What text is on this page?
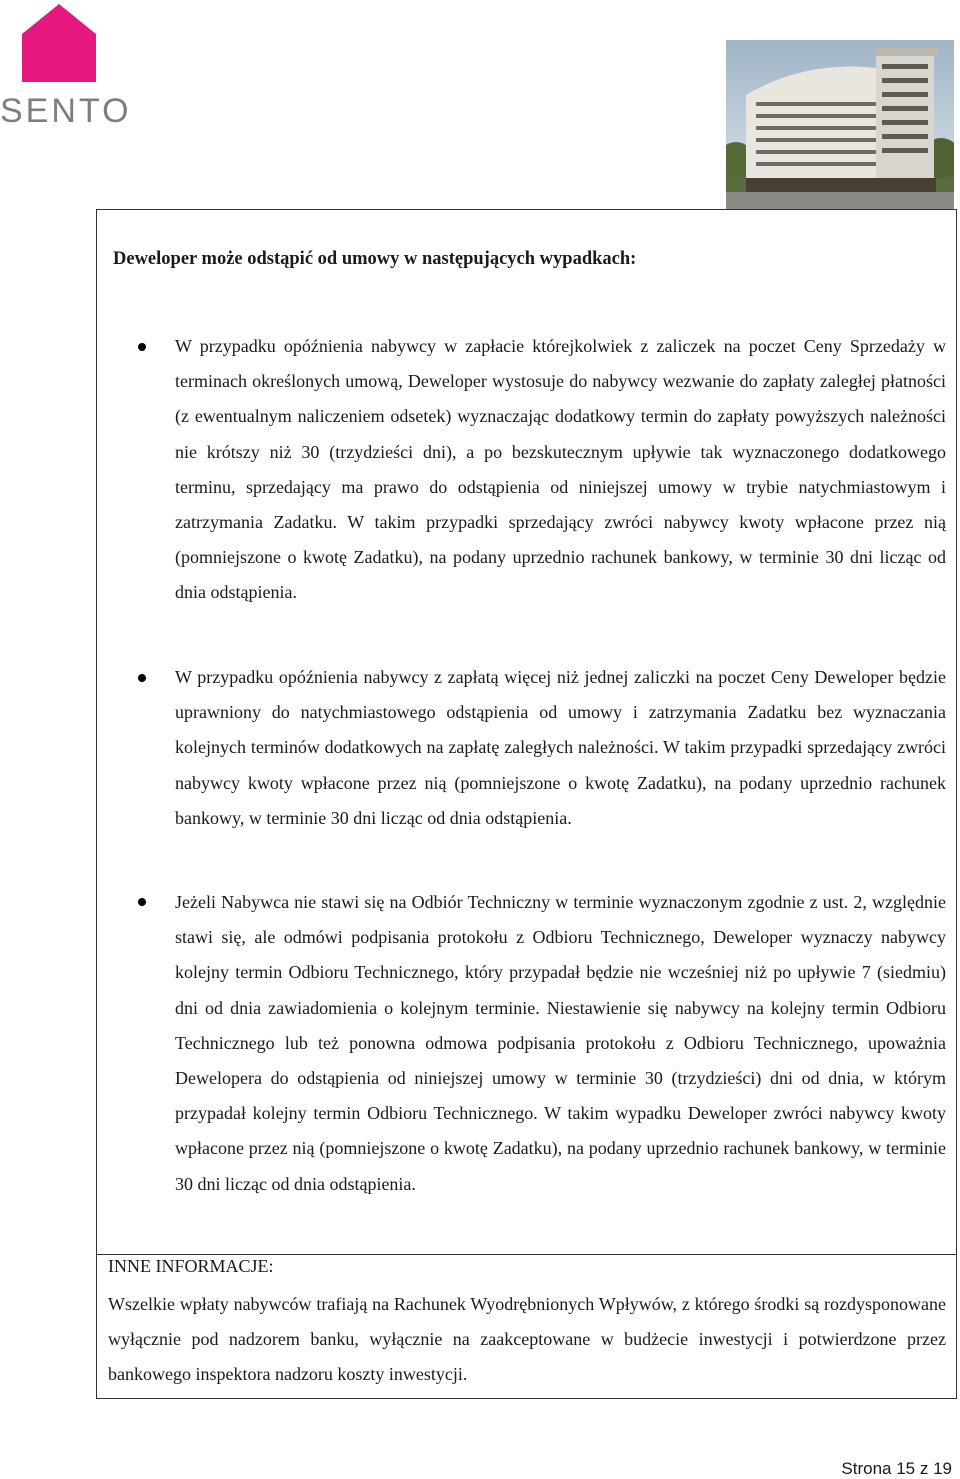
SENTO
Deweloper może odstąpić od umowy w następujących wypadkach:
W przypadku opóźnienia nabywcy w zapłacie którejkolwiek z zaliczek na poczet Ceny Sprzedaży w terminach określonych umową, Deweloper wystosuje do nabywcy wezwanie do zapłaty zaległej płatności (z ewentualnym naliczeniem odsetek) wyznaczając dodatkowy termin do zapłaty powyższych należności nie krótszy niż 30 (trzydzieści dni), a po bezskutecznym upływie tak wyznaczonego dodatkowego terminu, sprzedający ma prawo do odstąpienia od niniejszej umowy w trybie natychmiastowym i zatrzymania Zadatku. W takim przypadki sprzedający zwróci nabywcy kwoty wpłacone przez nią (pomniejszone o kwotę Zadatku), na podany uprzednio rachunek bankowy, w terminie 30 dni licząc od dnia odstąpienia.
W przypadku opóźnienia nabywcy z zapłatą więcej niż jednej zaliczki na poczet Ceny Deweloper będzie uprawniony do natychmiastowego odstąpienia od umowy i zatrzymania Zadatku bez wyznaczania kolejnych terminów dodatkowych na zapłatę zaległych należności. W takim przypadki sprzedający zwróci nabywcy kwoty wpłacone przez nią (pomniejszone o kwotę Zadatku), na podany uprzednio rachunek bankowy, w terminie 30 dni licząc od dnia odstąpienia.
Jeżeli Nabywca nie stawi się na Odbiór Techniczny w terminie wyznaczonym zgodnie z ust. 2, względnie stawi się, ale odmówi podpisania protokołu z Odbioru Technicznego, Deweloper wyznaczy nabywcy kolejny termin Odbioru Technicznego, który przypadał będzie nie wcześniej niż po upływie 7 (siedmiu) dni od dnia zawiadomienia o kolejnym terminie. Niestawienie się nabywcy na kolejny termin Odbioru Technicznego lub też ponowna odmowa podpisania protokołu z Odbioru Technicznego, upoważnia Dewelopera do odstąpienia od niniejszej umowy w terminie 30 (trzydzieści) dni od dnia, w którym przypadał kolejny termin Odbioru Technicznego. W takim wypadku Deweloper zwróci nabywcy kwoty wpłacone przez nią (pomniejszone o kwotę Zadatku), na podany uprzednio rachunek bankowy, w terminie 30 dni licząc od dnia odstąpienia.
INNE INFORMACJE:
Wszelkie wpłaty nabywców trafiają na Rachunek Wyodrębnionych Wpływów, z którego środki są rozdysponowane wyłącznie pod nadzorem banku, wyłącznie na zaakceptowane w budżecie inwestycji i potwierdzone przez bankowego inspektora nadzoru koszty inwestycji.
Strona 15 z 19
